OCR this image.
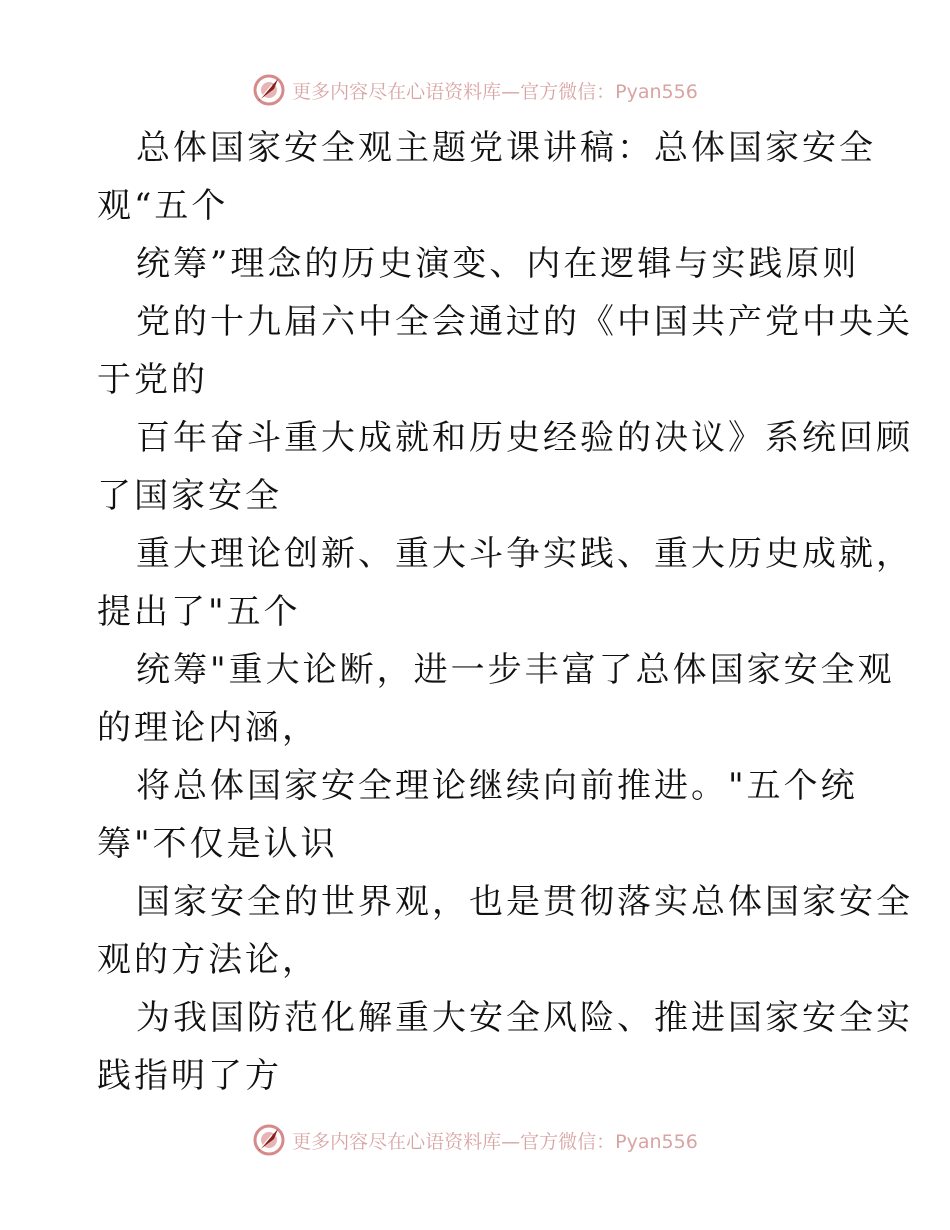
更多内容尽在心语资料库—官方微信：Pyan556
总体国家安全观主题党课讲稿：总体国家安全
观“五个
统筹”理念的历史演变、内在逻辑与实践原则
党的十九届六中全会通过的《中国共产党中央关
于党的
百年奋斗重大成就和历史经验的决议》系统回顾
了国家安全
重大理论创新、重大斗争实践、重大历史成就，
提出了"五个
统筹"重大论断，进一步丰富了总体国家安全观
的理论内涵，
将总体国家安全理论继续向前推进。"五个统
筹"不仅是认识
国家安全的世界观，也是贯彻落实总体国家安全
观的方法论，
为我国防范化解重大安全风险、推进国家安全实
践指明了方
更多内容尽在心语资料库—官方微信：Pyan556
